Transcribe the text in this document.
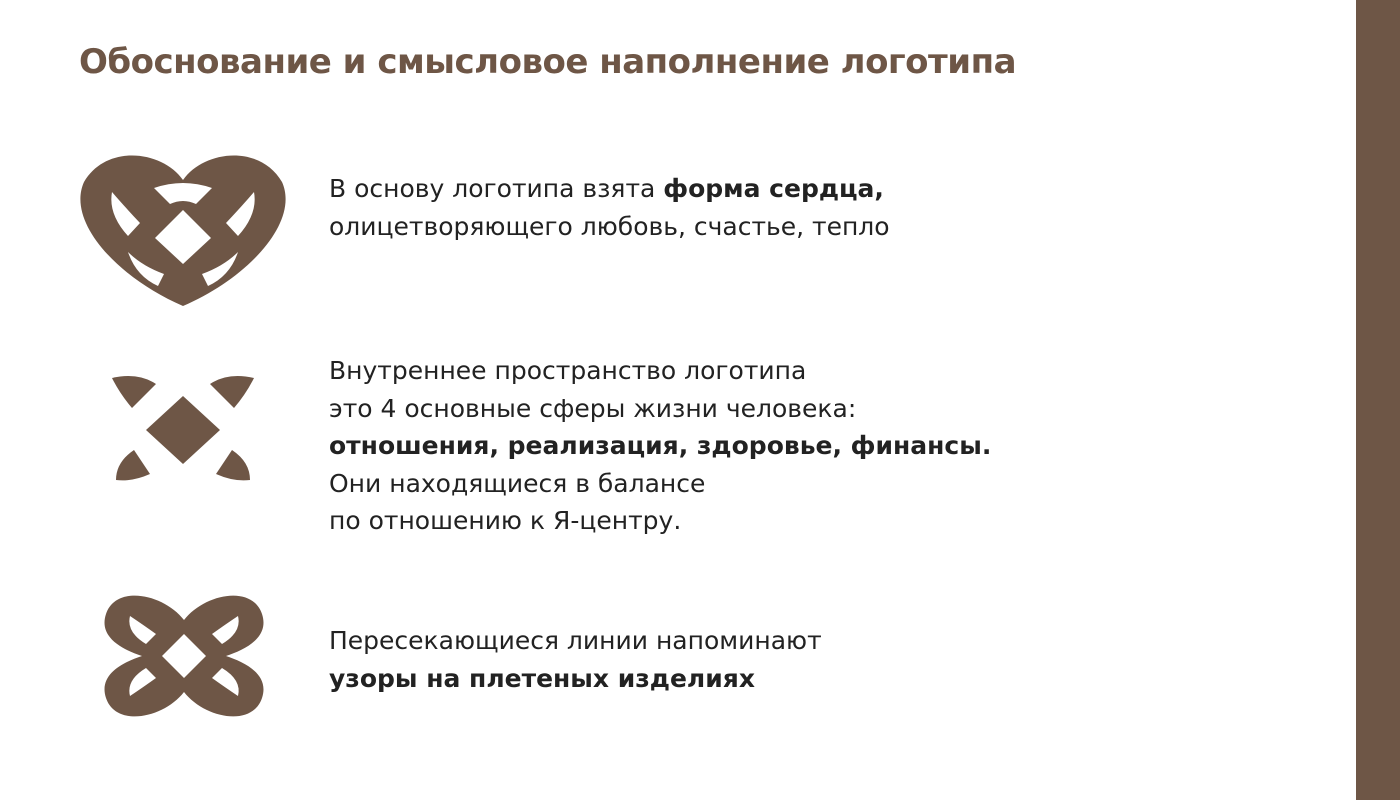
Обоснование и смысловое наполнение логотипа

В основу логотипа взята форма сердца,

олицетворяющего любовь, счастье, тепло

Внутреннее пространство логотипа

это 4 основные сферы жизни человека:

отношения, реализация, здоровье, финансы.

Они находящиеся в балансе

по отношению к Я-центру.

Пересекающиеся линии напоминают

узоры на плетеных изделиях
